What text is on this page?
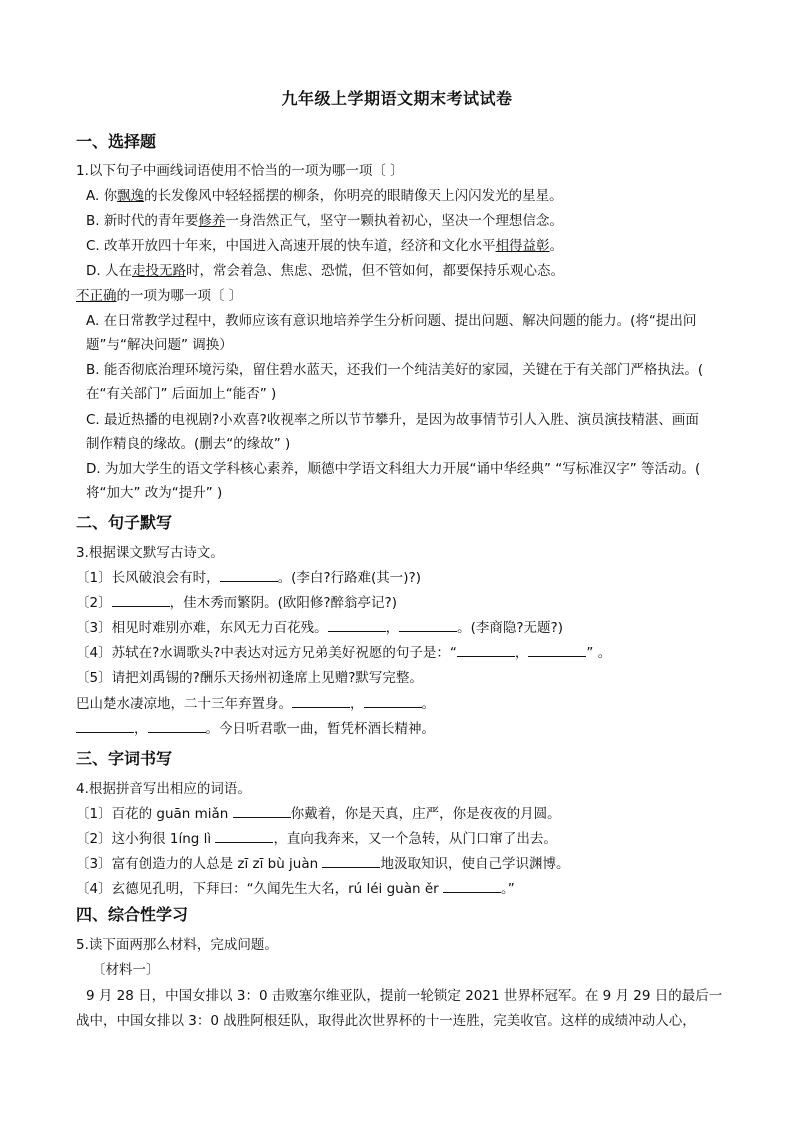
九年级上学期语文期末考试试卷
一、选择题
1.以下句子中画线词语使用不恰当的一项为哪一项〔 〕
A. 你飘逸的长发像风中轻轻摇摆的柳条，你明亮的眼睛像天上闪闪发光的星星。
B. 新时代的青年要修养一身浩然正气，坚守一颗执着初心，坚决一个理想信念。
C. 改革开放四十年来，中国进入高速开展的快车道，经济和文化水平相得益彰。
D. 人在走投无路时，常会着急、焦虑、恐慌，但不管如何，都要保持乐观心态。
不正确的一项为哪一项〔 〕
A. 在日常教学过程中，教师应该有意识地培养学生分析问题、提出问题、解决问题的能力。(将“提出问
题”与“解决问题” 调换）
B. 能否彻底治理环境污染，留住碧水蓝天，还我们一个纯洁美好的家园，关键在于有关部门严格执法。(
在“有关部门” 后面加上“能否” )
C. 最近热播的电视剧?小欢喜?收视率之所以节节攀升，是因为故事情节引人入胜、演员演技精湛、画面
制作精良的缘故。(删去“的缘故” )
D. 为加大学生的语文学科核心素养，顺德中学语文科组大力开展“诵中华经典” “写标准汉字” 等活动。(
将“加大” 改为“提升” )
二、句子默写
3.根据课文默写古诗文。
〔1〕长风破浪会有时，	。(李白?行路难(其一)?)
〔2〕	，佳木秀而繁阴。(欧阳修?醉翁亭记?)
〔3〕相见时难别亦难，东风无力百花残。	，	。(李商隐?无题?)
〔4〕苏轼在?水调歌头?中表达对远方兄弟美好祝愿的句子是：“	，	” 。
〔5〕请把刘禹锡的?酬乐天扬州初逢席上见赠?默写完整。
巴山楚水凄凉地，二十三年弃置身。	，	。
，	。今日听君歌一曲，暂凭杯酒长精神。
三、字词书写
4.根据拼音写出相应的词语。
〔1〕百花的 guān miǎn	你戴着，你是天真，庄严，你是夜夜的月圆。
〔2〕这小狗很 1íng lì	，直向我奔来，又一个急转，从门口窜了出去。
〔3〕富有创造力的人总是 zī zī bù juàn	地汲取知识，使自己学识渊博。
〔4〕玄德见孔明，下拜曰：“久闻先生大名，rú léi guàn ěr	。”
四、综合性学习
5.读下面两那么材料，完成问题。
〔材料一〕
9 月 28 日，中国女排以 3：0 击败塞尔维亚队，提前一轮锁定 2021 世界杯冠军。在 9 月 29 日的最后一
战中，中国女排以 3：0 战胜阿根廷队，取得此次世界杯的十一连胜，完美收官。这样的成绩冲动人心，
